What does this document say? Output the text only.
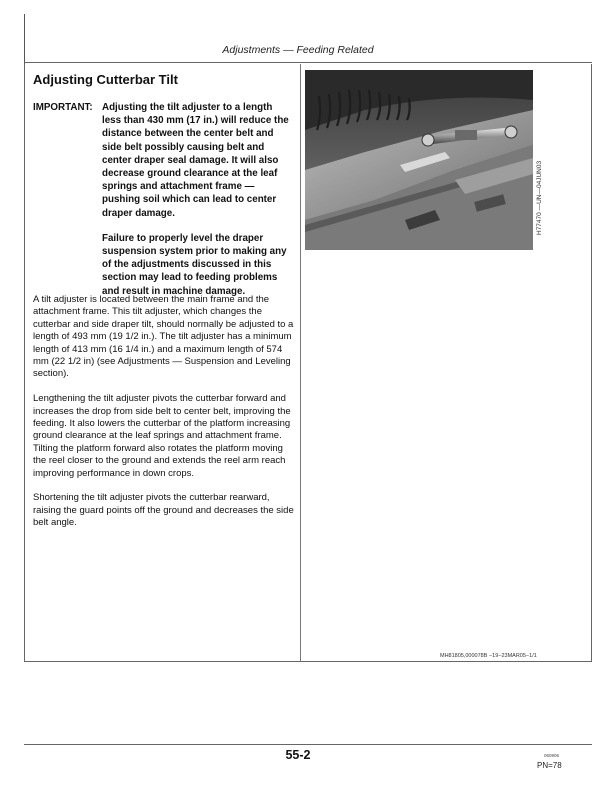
Adjustments — Feeding Related
Adjusting Cutterbar Tilt
IMPORTANT: Adjusting the tilt adjuster to a length less than 430 mm (17 in.) will reduce the distance between the center belt and side belt possibly causing belt and center draper seal damage. It will also decrease ground clearance at the leaf springs and attachment frame — pushing soil which can lead to center draper damage.

Failure to properly level the draper suspension system prior to making any of the adjustments discussed in this section may lead to feeding problems and result in machine damage.

A tilt adjuster is located between the main frame and the attachment frame. This tilt adjuster, which changes the cutterbar and side draper tilt, should normally be adjusted to a length of 493 mm (19 1/2 in.). The tilt adjuster has a minimum length of 413 mm (16 1/4 in.) and a maximum length of 574 mm (22 1/2 in) (see Adjustments — Suspension and Leveling section).

Lengthening the tilt adjuster pivots the cutterbar forward and increases the drop from side belt to center belt, improving the feeding. It also lowers the cutterbar of the platform increasing ground clearance at the leaf springs and attachment frame. Tilting the platform forward also rotates the platform moving the reel closer to the ground and extends the reel arm reach improving performance in down crops.

Shortening the tilt adjuster pivots the cutterbar rearward, raising the guard points off the ground and decreases the side belt angle.

H77470 —UN—04JUN03
MH81805,000078B −19−23MAR05−1/1
55-2	060906
PN=78
